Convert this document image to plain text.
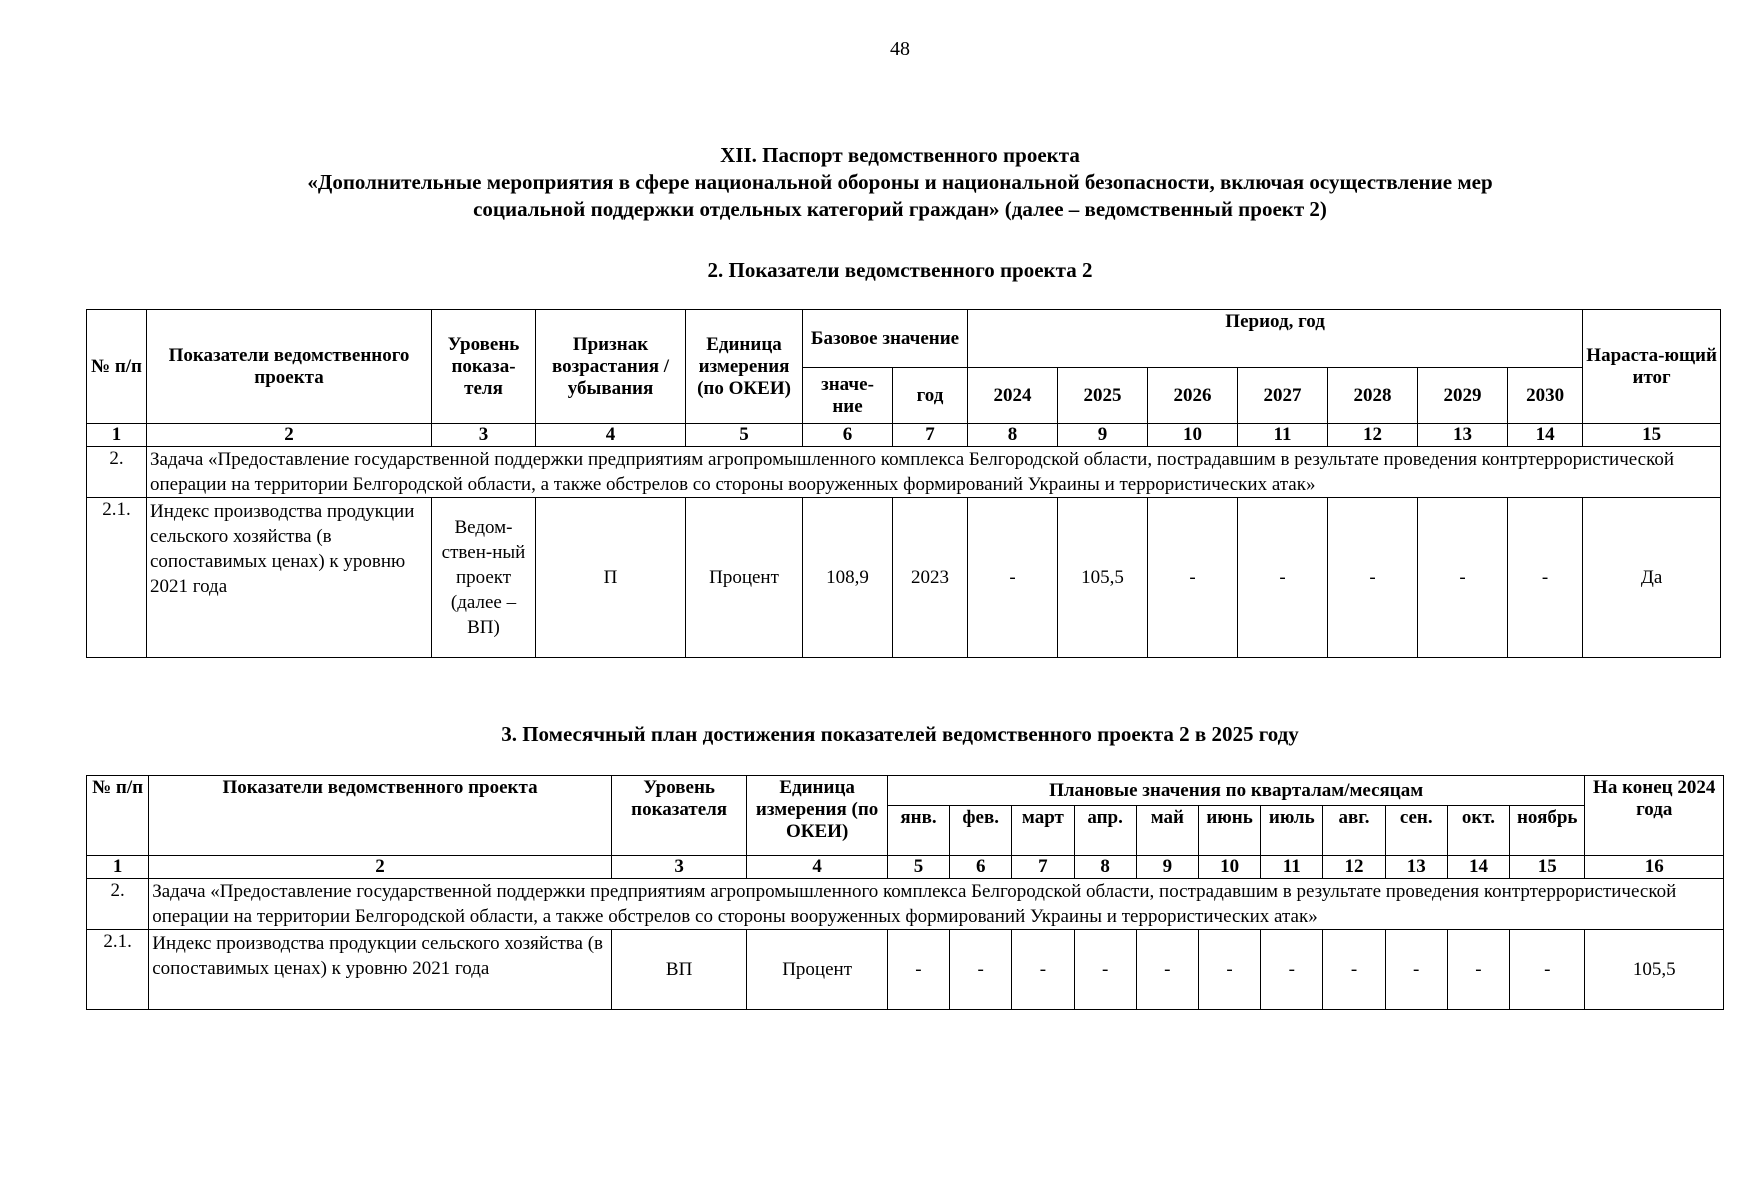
48
XII. Паспорт ведомственного проекта
«Дополнительные мероприятия в сфере национальной обороны и национальной безопасности, включая осуществление мер
социальной поддержки отдельных категорий граждан» (далее – ведомственный проект 2)
2. Показатели ведомственного проекта 2
№ п/п	Показатели ведомственного проекта	Уровень показа-теля	Признак возрастания / убывания	Единица измерения (по ОКЕИ)	Базовое значение		Период, год							Нараста-ющий итог
					значе-ние	год	2024	2025	2026	2027	2028	2029	2030	
1	2	3	4	5	6	7	8	9	10	11	12	13	14	15
2.	Задача «Предоставление государственной поддержки предприятиям агропромышленного комплекса Белгородской области, пострадавшим в результате проведения контртеррористической операции на территории Белгородской области, а также обстрелов со стороны вооруженных формирований Украины и террористических атак»													
2.1.	Индекс производства продукции сельского хозяйства (в сопоставимых ценах) к уровню 2021 года	Ведом-ствен-ный проект (далее – ВП)	П	Процент	108,9	2023	-	105,5	-	-	-	-	-	Да
3. Помесячный план достижения показателей ведомственного проекта 2 в 2025 году
№ п/п	Показатели ведомственного проекта	Уровень показателя	Единица измерения (по ОКЕИ)	Плановые значения по кварталам/месяцам											На конец 2024 года
				янв.	фев.	март	апр.	май	июнь	июль	авг.	сен.	окт.	ноябрь	
1	2	3	4	5	6	7	8	9	10	11	12	13	14	15	16
2.	Задача «Предоставление государственной поддержки предприятиям агропромышленного комплекса Белгородской области, пострадавшим в результате проведения контртеррористической операции на территории Белгородской области, а также обстрелов со стороны вооруженных формирований Украины и террористических атак»														
2.1.	Индекс производства продукции сельского хозяйства (в сопоставимых ценах) к уровню 2021 года	ВП	Процент	-	-	-	-	-	-	-	-	-	-	-	105,5
